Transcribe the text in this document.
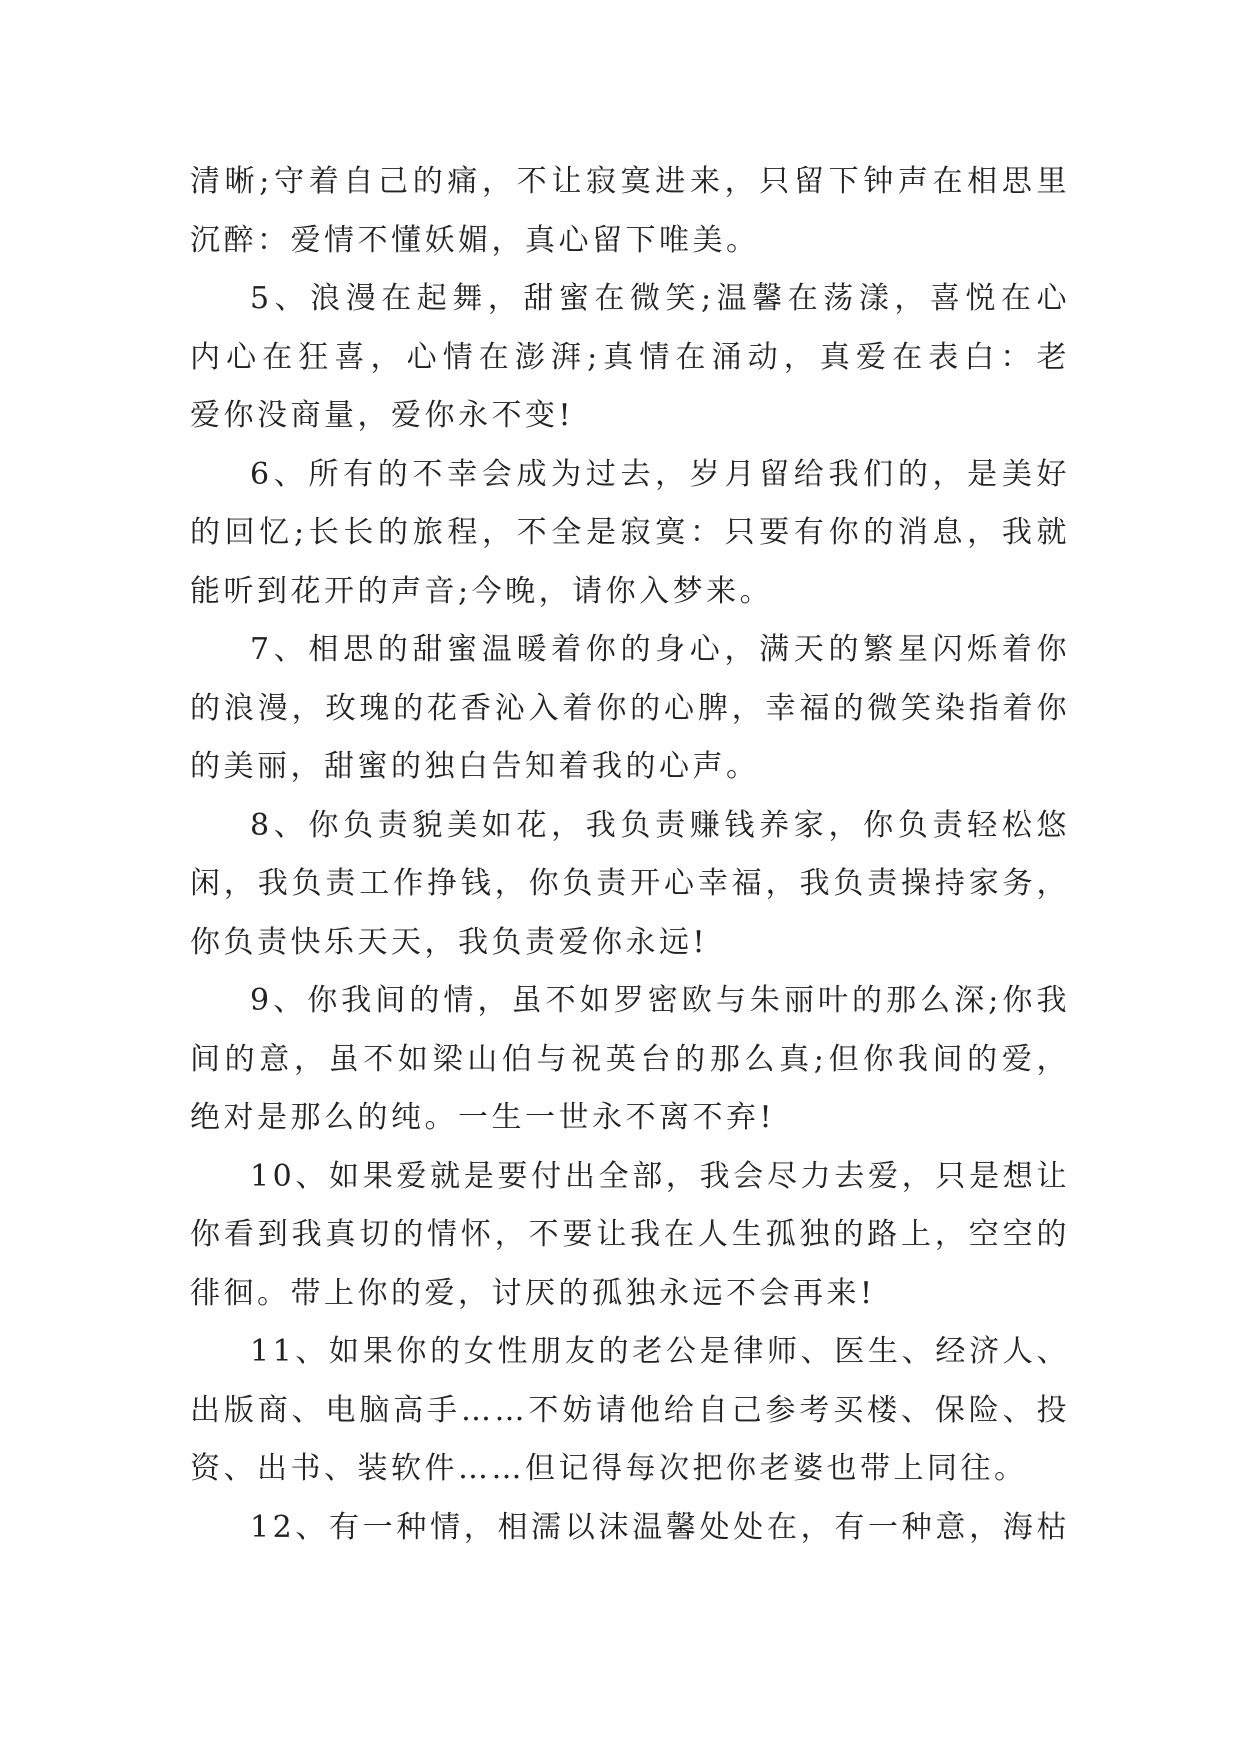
清晰;守着自己的痛，不让寂寞进来，只留下钟声在相思里
沉醉：爱情不懂妖媚，真心留下唯美。
5、浪漫在起舞，甜蜜在微笑;温馨在荡漾，喜悦在心
内心在狂喜，心情在澎湃;真情在涌动，真爱在表白：老
爱你没商量，爱你永不变!
6、所有的不幸会成为过去，岁月留给我们的，是美好
的回忆;长长的旅程，不全是寂寞：只要有你的消息，我就
能听到花开的声音;今晚，请你入梦来。
7、相思的甜蜜温暖着你的身心，满天的繁星闪烁着你
的浪漫，玫瑰的花香沁入着你的心脾，幸福的微笑染指着你
的美丽，甜蜜的独白告知着我的心声。
8、你负责貌美如花，我负责赚钱养家，你负责轻松悠
闲，我负责工作挣钱，你负责开心幸福，我负责操持家务，
你负责快乐天天，我负责爱你永远!
9、你我间的情，虽不如罗密欧与朱丽叶的那么深;你我
间的意，虽不如梁山伯与祝英台的那么真;但你我间的爱，
绝对是那么的纯。一生一世永不离不弃!
10、如果爱就是要付出全部，我会尽力去爱，只是想让
你看到我真切的情怀，不要让我在人生孤独的路上，空空的
徘徊。带上你的爱，讨厌的孤独永远不会再来!
11、如果你的女性朋友的老公是律师、医生、经济人、
出版商、电脑高手……不妨请他给自己参考买楼、保险、投
资、出书、装软件……但记得每次把你老婆也带上同往。
12、有一种情，相濡以沫温馨处处在，有一种意，海枯
